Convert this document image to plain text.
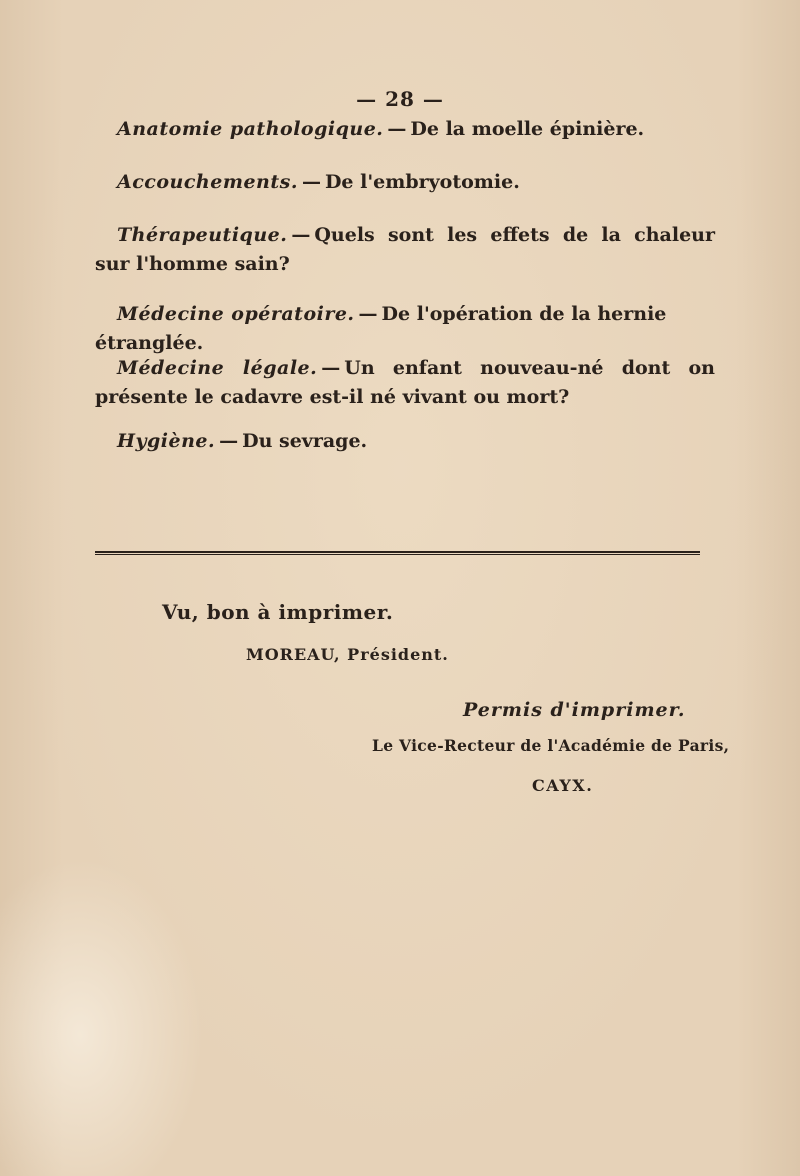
— 28 —
Anatomie pathologique. — De la moelle épinière.
Accouchements. — De l'embryotomie.
Thérapeutique. — Quels sont les effets de la chaleur sur l'homme sain?
Médecine opératoire. — De l'opération de la hernie étranglée.
Médecine légale. — Un enfant nouveau-né dont on présente le cadavre est-il né vivant ou mort?
Hygiène. — Du sevrage.
Vu, bon à imprimer.
MOREAU, Président.
Permis d'imprimer.
Le Vice-Recteur de l'Académie de Paris,
CAYX.
